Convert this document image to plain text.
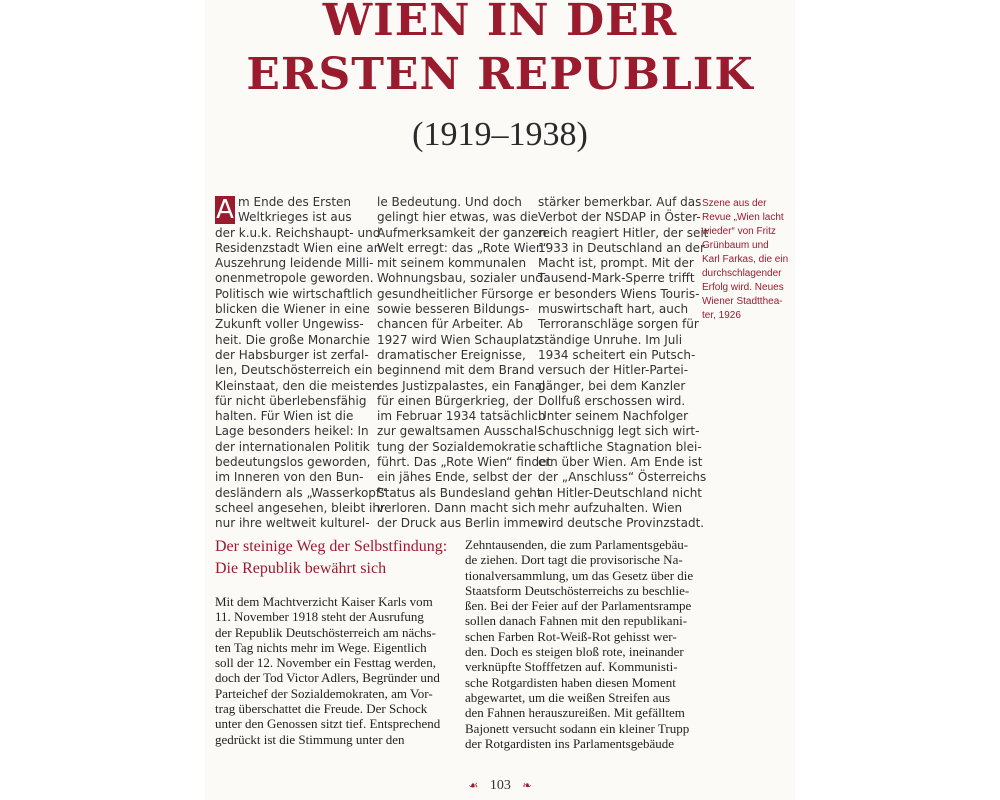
WIEN IN DER
ERSTEN REPUBLIK
(1919–1938)
A m Ende des Ersten
Weltkrieges ist aus
der k.u.k. Reichshaupt- und
Residenzstadt Wien eine an
Auszehrung leidende Milli-
onenmetropole geworden.
Politisch wie wirtschaftlich
blicken die Wiener in eine
Zukunft voller Ungewiss-
heit. Die große Monarchie
der Habsburger ist zerfal-
len, Deutschösterreich ein
Kleinstaat, den die meisten
für nicht überlebensfähig
halten. Für Wien ist die
Lage besonders heikel: In
der internationalen Politik
bedeutungslos geworden,
im Inneren von den Bun-
desländern als „Wasserkopf“
scheel angesehen, bleibt ihr
nur ihre weltweit kulturel-
le Bedeutung. Und doch
gelingt hier etwas, was die
Aufmerksamkeit der ganzen
Welt erregt: das „Rote Wien“
mit seinem kommunalen
Wohnungsbau, sozialer und
gesundheitlicher Fürsorge
sowie besseren Bildungs-
chancen für Arbeiter. Ab
1927 wird Wien Schauplatz
dramatischer Ereignisse,
beginnend mit dem Brand
des Justizpalastes, ein Fanal
für einen Bürgerkrieg, der
im Februar 1934 tatsächlich
zur gewaltsamen Ausschal-
tung der Sozialdemokratie
führt. Das „Rote Wien“ findet
ein jähes Ende, selbst der
Status als Bundesland geht
verloren. Dann macht sich
der Druck aus Berlin immer
stärker bemerkbar. Auf das
Verbot der NSDAP in Öster-
reich reagiert Hitler, der seit
1933 in Deutschland an der
Macht ist, prompt. Mit der
Tausend-Mark-Sperre trifft
er besonders Wiens Touris-
muswirtschaft hart, auch
Terroranschläge sorgen für
ständige Unruhe. Im Juli
1934 scheitert ein Putsch-
versuch der Hitler-Partei-
gänger, bei dem Kanzler
Dollfuß erschossen wird.
Unter seinem Nachfolger
Schuschnigg legt sich wirt-
schaftliche Stagnation blei-
ern über Wien. Am Ende ist
der „Anschluss“ Österreichs
an Hitler-Deutschland nicht
mehr aufzuhalten. Wien
wird deutsche Provinzstadt.
Szene aus der
Revue „Wien lacht
wieder“ von Fritz
Grünbaum und
Karl Farkas, die ein
durchschlagender
Erfolg wird. Neues
Wiener Stadtthea-
ter, 1926
Der steinige Weg der Selbstfindung:
Die Republik bewährt sich
Mit dem Machtverzicht Kaiser Karls vom
11. November 1918 steht der Ausrufung
der Republik Deutschösterreich am nächs-
ten Tag nichts mehr im Wege. Eigentlich
soll der 12. November ein Festtag werden,
doch der Tod Victor Adlers, Begründer und
Parteichef der Sozialdemokraten, am Vor-
trag überschattet die Freude. Der Schock
unter den Genossen sitzt tief. Entsprechend
gedrückt ist die Stimmung unter den
Zehntausenden, die zum Parlamentsgebäu-
de ziehen. Dort tagt die provisorische Na-
tionalversammlung, um das Gesetz über die
Staatsform Deutschösterreichs zu beschlie-
ßen. Bei der Feier auf der Parlamentsrampe
sollen danach Fahnen mit den republikani-
schen Farben Rot-Weiß-Rot gehisst wer-
den. Doch es steigen bloß rote, ineinander
verknüpfte Stofffetzen auf. Kommunisti-
sche Rotgardisten haben diesen Moment
abgewartet, um die weißen Streifen aus
den Fahnen herauszureißen. Mit gefälltem
Bajonett versucht sodann ein kleiner Trupp
der Rotgardisten ins Parlamentsgebäude
☙ 103 ❧
